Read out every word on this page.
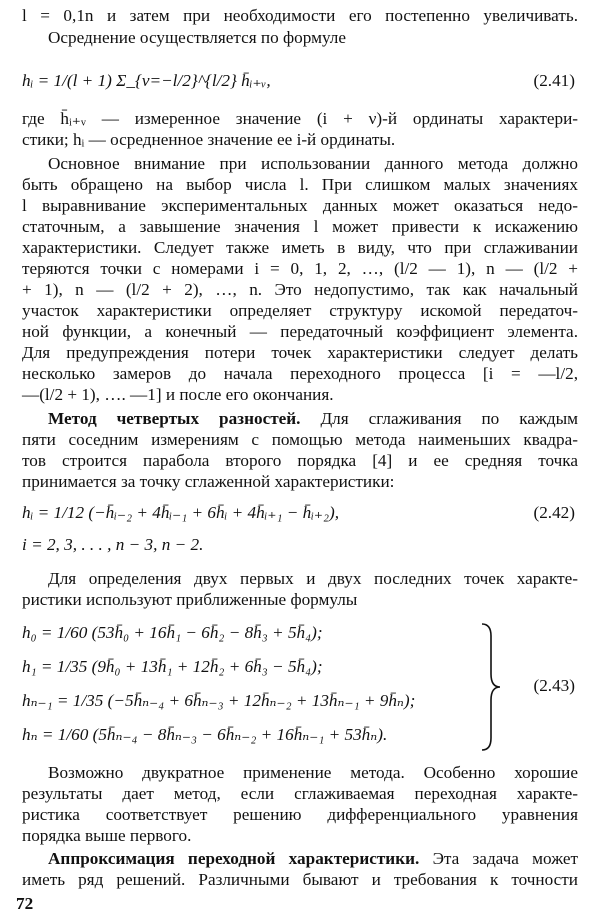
l = 0,1n и затем при необходимости его постепенно увеличивать.
Осреднение осуществляется по формуле
hᵢ = 1/(l + 1) Σ_{ν=−l/2}^{l/2} h̄ᵢ₊ᵥ,	(2.41)
где h̄ᵢ₊ᵥ — измеренное значение (i + ν)-й ординаты характери-
стики; hᵢ — осредненное значение ее i-й ординаты.
Основное внимание при использовании данного метода должно
быть обращено на выбор числа l. При слишком малых значениях
l выравнивание экспериментальных данных может оказаться недо-
статочным, а завышение значения l может привести к искажению
характеристики. Следует также иметь в виду, что при сглаживании
теряются точки с номерами i = 0, 1, 2, …, (l/2 — 1), n — (l/2 +
+ 1), n — (l/2 + 2), …, n. Это недопустимо, так как начальный
участок характеристики определяет структуру искомой передаточ-
ной функции, а конечный — передаточный коэффициент элемента.
Для предупреждения потери точек характеристики следует делать
несколько замеров до начала переходного процесса [i = —l/2,
—(l/2 + 1), …. —1] и после его окончания.
Метод четвертых разностей. Для сглаживания по каждым
пяти соседним измерениям с помощью метода наименьших квадра-
тов строится парабола второго порядка [4] и ее средняя точка
принимается за точку сглаженной характеристики:
hᵢ = 1/12 (−h̄ᵢ₋₂ + 4h̄ᵢ₋₁ + 6h̄ᵢ + 4h̄ᵢ₊₁ − h̄ᵢ₊₂),	(2.42)
i = 2, 3, . . . , n − 3, n − 2.
Для определения двух первых и двух последних точек характе-
ристики используют приближенные формулы
h₀ = 1/60 (53h̄₀ + 16h̄₁ − 6h̄₂ − 8h̄₃ + 5h̄₄);
h₁ = 1/35 (9h̄₀ + 13h̄₁ + 12h̄₂ + 6h̄₃ − 5h̄₄);
hₙ₋₁ = 1/35 (−5h̄ₙ₋₄ + 6h̄ₙ₋₃ + 12h̄ₙ₋₂ + 13h̄ₙ₋₁ + 9h̄ₙ);
hₙ = 1/60 (5h̄ₙ₋₄ − 8h̄ₙ₋₃ − 6h̄ₙ₋₂ + 16h̄ₙ₋₁ + 53h̄ₙ).
(2.43)
Возможно двукратное применение метода. Особенно хорошие
результаты дает метод, если сглаживаемая переходная характе-
ристика соответствует решению дифференциального уравнения
порядка выше первого.
Аппроксимация переходной характеристики. Эта задача может
иметь ряд решений. Различными бывают и требования к точности
72
